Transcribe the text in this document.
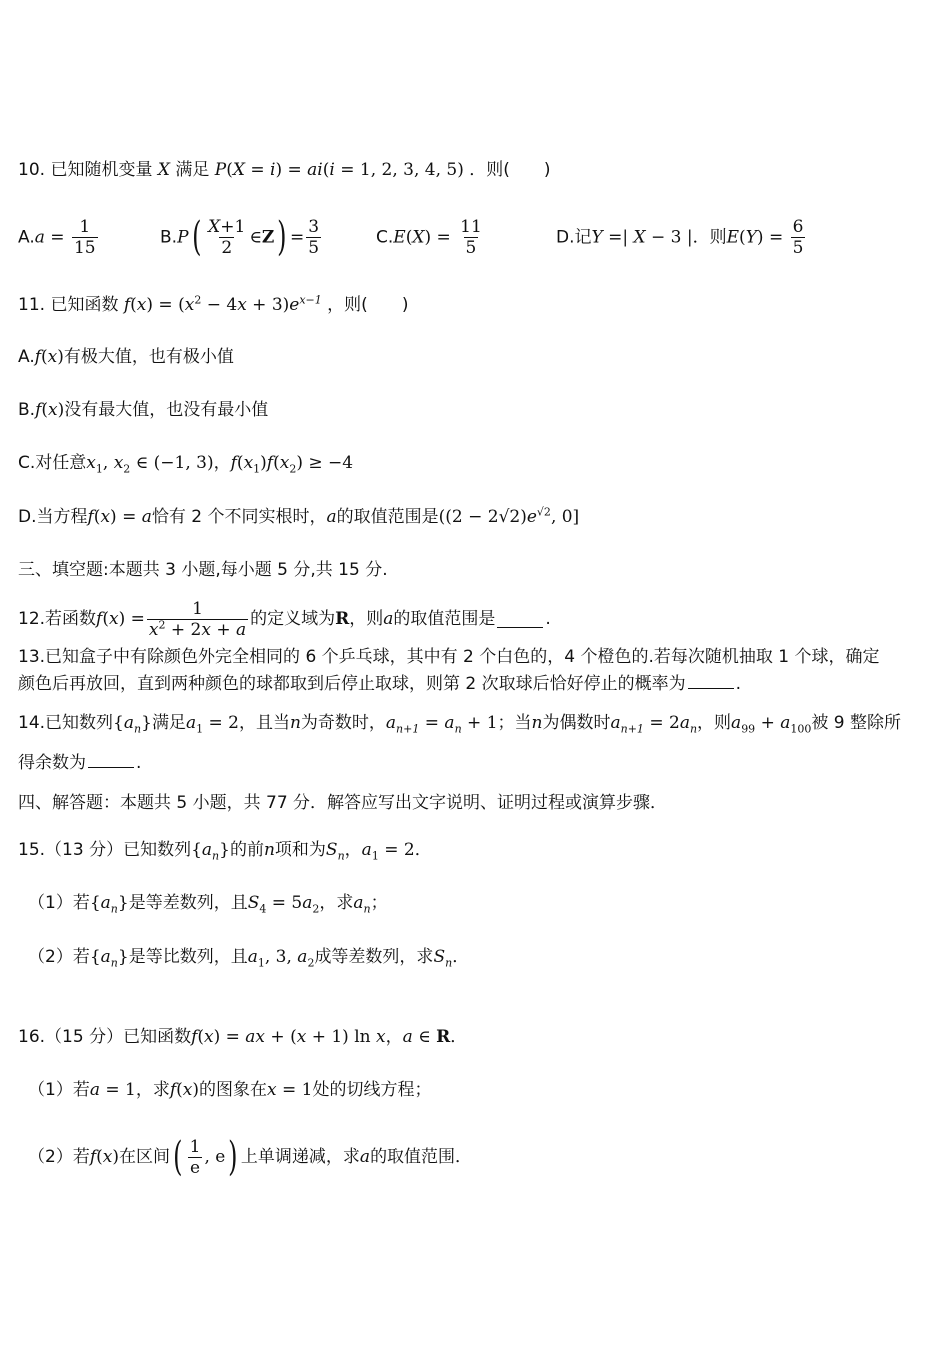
10. 已知随机变量 X 满足 P(X = i) = ai(i = 1, 2, 3, 4, 5) ．则( )
$A.a = \frac{1}{15}$	$B.P( \frac{X+1}{2}$ ∈Z) = $\frac{3}{5}$	$C.E(X) = \frac{11}{5}$	D.记Y =| X − 3 |．则$E(Y) = \frac{6}{5}$
11. 已知函数 $f(x) = (x^2 - 4x + 3)e^{x-1}$ ，则( )
A.f(x)有极大值，也有极小值
B.f(x)没有最大值，也没有最小值
C.对任意$x_1$, $x_2$ ∈ (−1, 3)，$f(x_1)f(x_2) \ge -4$
D.当方程f(x) = a恰有 2 个不同实根时，a的取值范围是($(2 - 2√2)e^{√2}$, 0]
三、填空题:本题共 3 小题,每小题 5 分,共 15 分.
12.若函数 f ( x ) = $\frac{1}{x^2 + 2x + a}$ 的定义域为 R ，则 a 的取值范围是	.
13.已知盒子中有除颜色外完全相同的 6 个乒乓球，其中有 2 个白色的，4 个橙色的.若每次随机抽取 1 个球，确定
颜色后再放回，直到两种颜色的球都取到后停止取球，则第 2 次取球后恰好停止的概率为	.
14.已知数列$\{a_n\}$满足$a_1 = 2$，且当n为奇数时，$a_{n+1} = a_n + 1$；当n为偶数时$a_{n+1} = 2a_n$，则$a_{99} + a_{100}$被 9 整除所
得余数为	.
四、解答题：本题共 5 小题，共 77 分．解答应写出文字说明、证明过程或演算步骤．
15.（13 分）已知数列$\{a_n\}$的前n项和为$S_n$，$a_1 = 2$．
（1）若$\{a_n\}$是等差数列，且$S_4 = 5a_2$，求$a_n$；
（2）若$\{a_n\}$是等比数列，且$a_1$, 3, $a_2$成等差数列，求$S_n$．
16.（15 分）已知函数f(x) = ax + (x + 1) ln x，a ∈ R．
（1）若a = 1，求f(x)的图象在x = 1处的切线方程；
（2）若 f ( x ) 在区间 ( $\frac{1}{e}$ , e ) 上单调递减，求 a 的取值范围．
